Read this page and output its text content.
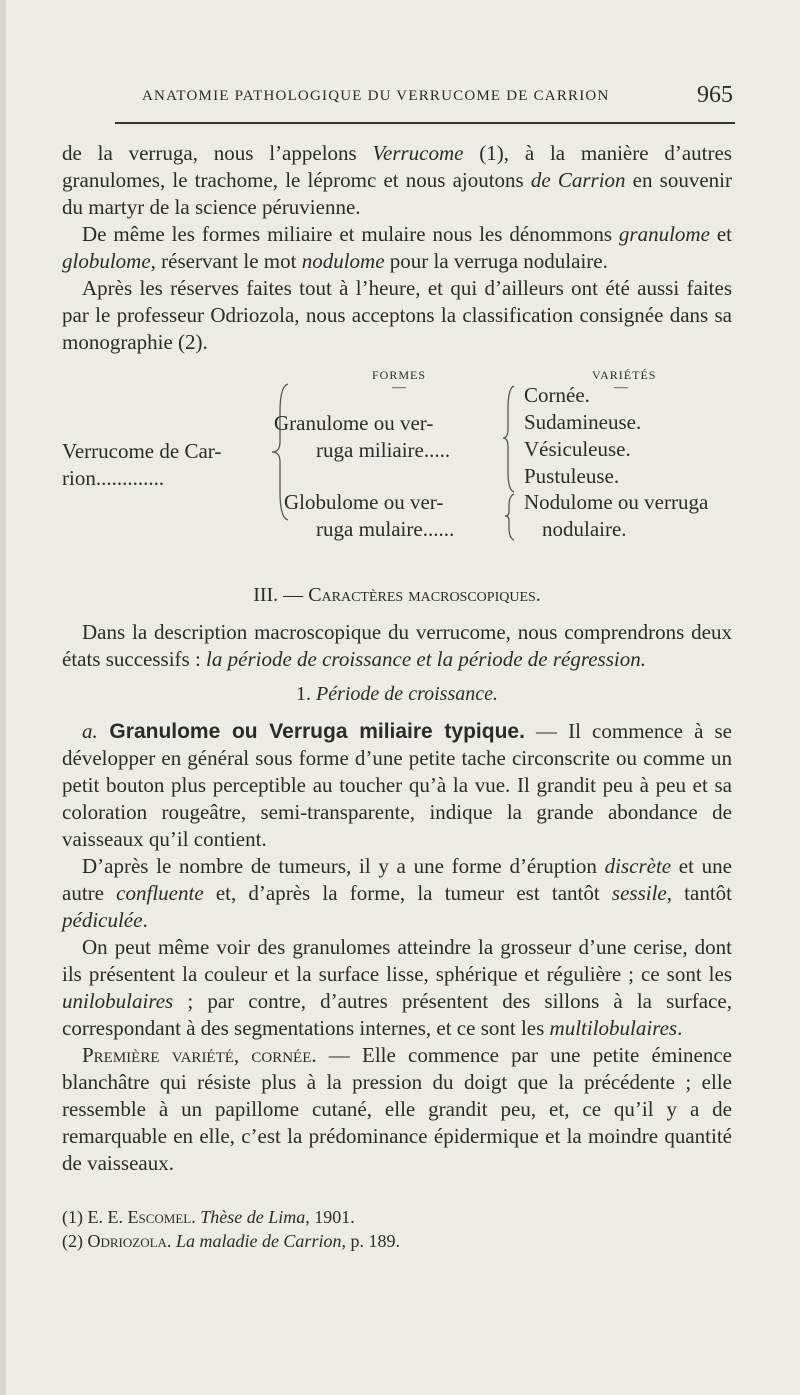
ANATOMIE PATHOLOGIQUE DU VERRUCOME DE CARRION	965

de la verruga, nous l’appelons Verrucome (1), à la manière d’autres granulomes, le trachome, le lépromc et nous ajoutons de Carrion en souvenir du martyr de la science péruvienne.

De même les formes miliaire et mulaire nous les dénommons granulome et globulome, réservant le mot nodulome pour la verruga nodulaire.

Après les réserves faites tout à l’heure, et qui d’ailleurs ont été aussi faites par le professeur Odriozola, nous acceptons la classification consignée dans sa monographie (2).

FORMES	VARIÉTÉS
—	—
Verrucome de Car-
rion.............
Granulome ou ver-
ruga miliaire.....
Globulome ou ver-
ruga mulaire......
Cornée.
Sudamineuse.
Vésiculeuse.
Pustuleuse.
Nodulome ou verruga
nodulaire.

III. — Caractères macroscopiques.

Dans la description macroscopique du verrucome, nous comprendrons deux états successifs : la période de croissance et la période de régression.

1. Période de croissance.

a. Granulome ou Verruga miliaire typique. — Il commence à se développer en général sous forme d’une petite tache circonscrite ou comme un petit bouton plus perceptible au toucher qu’à la vue. Il grandit peu à peu et sa coloration rougeâtre, semi-transparente, indique la grande abondance de vaisseaux qu’il contient.

D’après le nombre de tumeurs, il y a une forme d’éruption discrète et une autre confluente et, d’après la forme, la tumeur est tantôt sessile, tantôt pédiculée.

On peut même voir des granulomes atteindre la grosseur d’une cerise, dont ils présentent la couleur et la surface lisse, sphérique et régulière ; ce sont les unilobulaires ; par contre, d’autres présentent des sillons à la surface, correspondant à des segmentations internes, et ce sont les multilobulaires.

Première variété, cornée. — Elle commence par une petite éminence blanchâtre qui résiste plus à la pression du doigt que la précédente ; elle ressemble à un papillome cutané, elle grandit peu, et, ce qu’il y a de remarquable en elle, c’est la prédominance épidermique et la moindre quantité de vaisseaux.

(1) E. E. Escomel. Thèse de Lima, 1901.
(2) Odriozola. La maladie de Carrion, p. 189.
